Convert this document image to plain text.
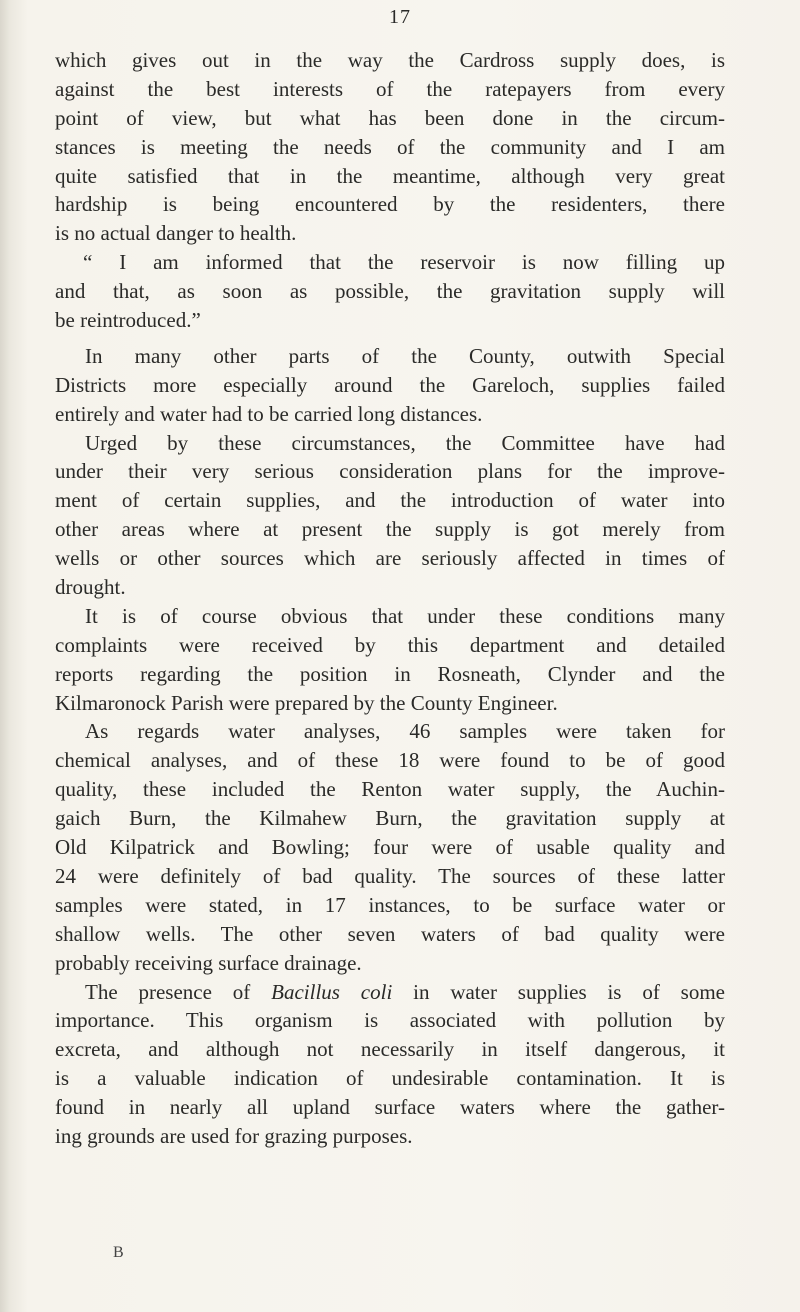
17
which gives out in the way the Cardross supply does, is
against the best interests of the ratepayers from every
point of view, but what has been done in the circum-
stances is meeting the needs of the community and I am
quite satisfied that in the meantime, although very great
hardship is being encountered by the residenters, there
is no actual danger to health.
“ I am informed that the reservoir is now filling up
and that, as soon as possible, the gravitation supply will
be reintroduced.”
In many other parts of the County, outwith Special
Districts more especially around the Gareloch, supplies failed
entirely and water had to be carried long distances.
Urged by these circumstances, the Committee have had
under their very serious consideration plans for the improve-
ment of certain supplies, and the introduction of water into
other areas where at present the supply is got merely from
wells or other sources which are seriously affected in times of
drought.
It is of course obvious that under these conditions many
complaints were received by this department and detailed
reports regarding the position in Rosneath, Clynder and the
Kilmaronock Parish were prepared by the County Engineer.
As regards water analyses, 46 samples were taken for
chemical analyses, and of these 18 were found to be of good
quality, these included the Renton water supply, the Auchin-
gaich Burn, the Kilmahew Burn, the gravitation supply at
Old Kilpatrick and Bowling; four were of usable quality and
24 were definitely of bad quality. The sources of these latter
samples were stated, in 17 instances, to be surface water or
shallow wells. The other seven waters of bad quality were
probably receiving surface drainage.
The presence of Bacillus coli in water supplies is of some
importance. This organism is associated with pollution by
excreta, and although not necessarily in itself dangerous, it
is a valuable indication of undesirable contamination. It is
found in nearly all upland surface waters where the gather-
ing grounds are used for grazing purposes.
B
